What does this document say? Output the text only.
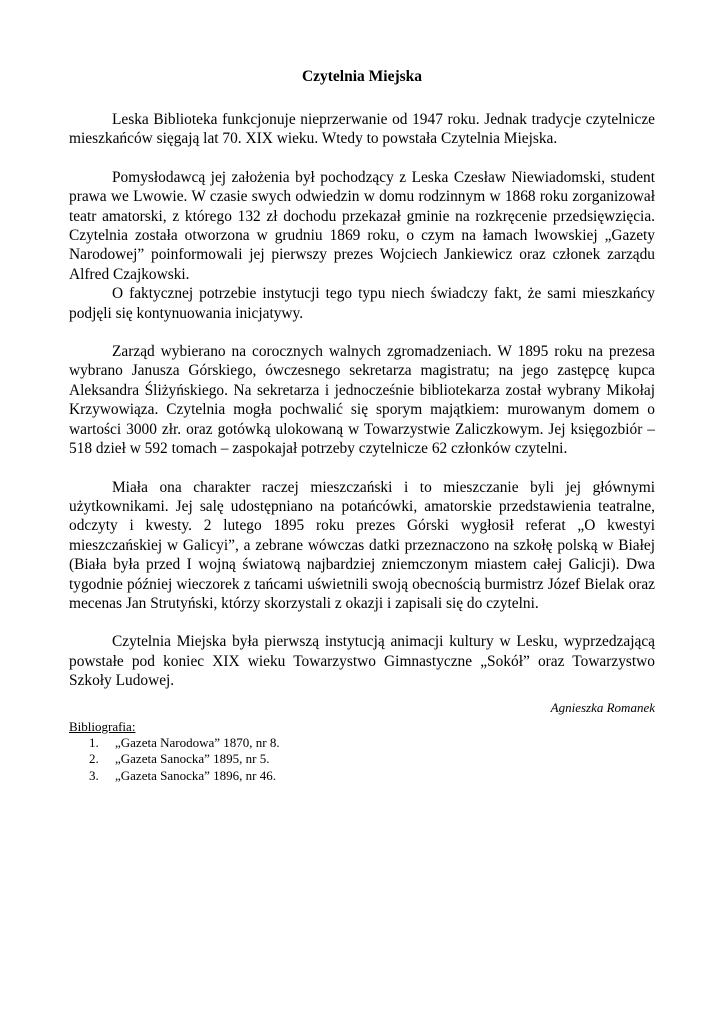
Czytelnia Miejska

Leska Biblioteka funkcjonuje nieprzerwanie od 1947 roku. Jednak tradycje czytelnicze mieszkańców sięgają lat 70. XIX wieku. Wtedy to powstała Czytelnia Miejska.

Pomysłodawcą jej założenia był pochodzący z Leska Czesław Niewiadomski, student prawa we Lwowie. W czasie swych odwiedzin w domu rodzinnym w 1868 roku zorganizował teatr amatorski, z którego 132 zł dochodu przekazał gminie na rozkręcenie przedsięwzięcia. Czytelnia została otworzona w grudniu 1869 roku, o czym na łamach lwowskiej „Gazety Narodowej” poinformowali jej pierwszy prezes Wojciech Jankiewicz oraz członek zarządu Alfred Czajkowski.

O faktycznej potrzebie instytucji tego typu niech świadczy fakt, że sami mieszkańcy podjęli się kontynuowania inicjatywy.

Zarząd wybierano na corocznych walnych zgromadzeniach. W 1895 roku na prezesa wybrano Janusza Górskiego, ówczesnego sekretarza magistratu; na jego zastępcę kupca Aleksandra Śliżyńskiego. Na sekretarza i jednocześnie bibliotekarza został wybrany Mikołaj Krzywowiąza. Czytelnia mogła pochwalić się sporym majątkiem: murowanym domem o wartości 3000 złr. oraz gotówką ulokowaną w Towarzystwie Zaliczkowym. Jej księgozbiór – 518 dzieł w 592 tomach – zaspokajał potrzeby czytelnicze 62 członków czytelni.

Miała ona charakter raczej mieszczański i to mieszczanie byli jej głównymi użytkownikami. Jej salę udostępniano na potańcówki, amatorskie przedstawienia teatralne, odczyty i kwesty. 2 lutego 1895 roku prezes Górski wygłosił referat „O kwestyi mieszczańskiej w Galicyi”, a zebrane wówczas datki przeznaczono na szkołę polską w Białej (Biała była przed I wojną światową najbardziej zniemczonym miastem całej Galicji). Dwa tygodnie później wieczorek z tańcami uświetnili swoją obecnością burmistrz Józef Bielak oraz mecenas Jan Strutyński, którzy skorzystali z okazji i zapisali się do czytelni.

Czytelnia Miejska była pierwszą instytucją animacji kultury w Lesku, wyprzedzającą powstałe pod koniec XIX wieku Towarzystwo Gimnastyczne „Sokół” oraz Towarzystwo Szkoły Ludowej.

Agnieszka Romanek

Bibliografia:
1. „Gazeta Narodowa” 1870, nr 8.
2. „Gazeta Sanocka” 1895, nr 5.
3. „Gazeta Sanocka” 1896, nr 46.
